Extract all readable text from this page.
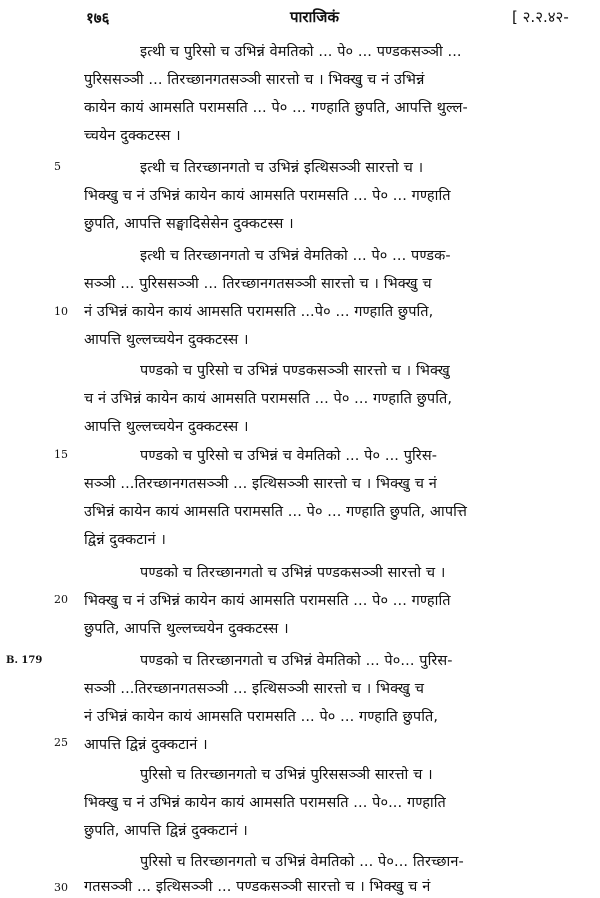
१७६	पाराजिकं	[ २.२.४२-
5
10
15
20
B. 179
25
30
इत्थी च पुरिसो च उभिन्नं वेमतिको ... पे० ... पण्डकसञ्ञी ...
पुरिससञ्ञी ... तिरच्छानगतसञ्ञी सारत्तो च । भिक्खु च नं उभिन्नं
कायेन कायं आमसति परामसति ... पे० ... गण्हाति छुपति, आपत्ति थुल्ल-
च्चयेन दुक्कटस्स ।
इत्थी च तिरच्छानगतो च उभिन्नं इत्थिसञ्ञी सारत्तो च ।
भिक्खु च नं उभिन्नं कायेन कायं आमसति परामसति ... पे० ... गण्हाति
छुपति, आपत्ति सङ्घादिसेसेन दुक्कटस्स ।
इत्थी च तिरच्छानगतो च उभिन्नं वेमतिको ... पे० ... पण्डक-
सञ्ञी ... पुरिससञ्ञी ... तिरच्छानगतसञ्ञी सारत्तो च । भिक्खु च
नं उभिन्नं कायेन कायं आमसति परामसति ...पे० ... गण्हाति छुपति,
आपत्ति थुल्लच्चयेन दुक्कटस्स ।
पण्डको च पुरिसो च उभिन्नं पण्डकसञ्ञी सारत्तो च । भिक्खु
च नं उभिन्नं कायेन कायं आमसति परामसति ... पे० ... गण्हाति छुपति,
आपत्ति थुल्लच्चयेन दुक्कटस्स ।
पण्डको च पुरिसो च उभिन्नं च वेमतिको ... पे० ... पुरिस-
सञ्ञी ...तिरच्छानगतसञ्ञी ... इत्थिसञ्ञी सारत्तो च । भिक्खु च नं
उभिन्नं कायेन कायं आमसति परामसति ... पे० ... गण्हाति छुपति, आपत्ति
द्विन्नं दुक्कटानं ।
पण्डको च तिरच्छानगतो च उभिन्नं पण्डकसञ्ञी सारत्तो च ।
भिक्खु च नं उभिन्नं कायेन कायं आमसति परामसति ... पे० ... गण्हाति
छुपति, आपत्ति थुल्लच्चयेन दुक्कटस्स ।
पण्डको च तिरच्छानगतो च उभिन्नं वेमतिको ... पे०... पुरिस-
सञ्ञी ...तिरच्छानगतसञ्ञी ... इत्थिसञ्ञी सारत्तो च । भिक्खु च
नं उभिन्नं कायेन कायं आमसति परामसति ... पे० ... गण्हाति छुपति,
आपत्ति द्विन्नं दुक्कटानं ।
पुरिसो च तिरच्छानगतो च उभिन्नं पुरिससञ्ञी सारत्तो च ।
भिक्खु च नं उभिन्नं कायेन कायं आमसति परामसति ... पे०... गण्हाति
छुपति, आपत्ति द्विन्नं दुक्कटानं ।
पुरिसो च तिरच्छानगतो च उभिन्नं वेमतिको ... पे०... तिरच्छान-
गतसञ्ञी ... इत्थिसञ्ञी ... पण्डकसञ्ञी सारत्तो च । भिक्खु च नं
